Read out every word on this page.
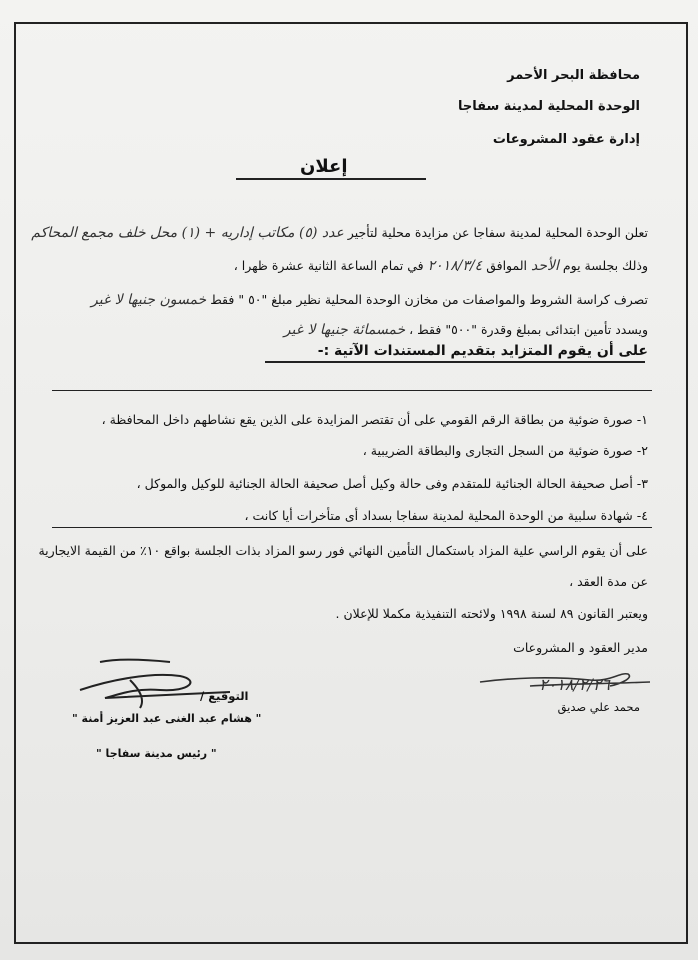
محافظة البحر الأحمر
الوحدة المحلية لمدينة سفاجا
إدارة عقود المشروعات
إعلان
تعلن الوحدة المحلية لمدينة سفاجا عن مزايدة محلية لتأجير عدد (٥) مكاتب إداريه + (١) محل خلف مجمع المحاكم
وذلك بجلسة يوم الأحد الموافق ٢٠١٨/٣/٤ في تمام الساعة الثانية عشرة ظهرا ،
تصرف كراسة الشروط والمواصفات من مخازن الوحدة المحلية نظير مبلغ "٥٠ " فقط خمسون جنيها لا غير
ويسدد تأمين ابتدائى بمبلغ وقدرة "٥٠٠" فقط ، خمسمائة جنيها لا غير
على أن يقوم المتزايد بتقديم المستندات الآتية :-
١- صورة ضوئية من بطاقة الرقم القومي على أن تقتصر المزايدة على الذين يقع نشاطهم داخل المحافظة ،
٢- صورة ضوئية من السجل التجارى والبطاقة الضريبية ،
٣- أصل صحيفة الحالة الجنائية للمتقدم وفى حالة وكيل أصل صحيفة الحالة الجنائية للوكيل والموكل ،
٤- شهادة سلبية من الوحدة المحلية لمدينة سفاجا بسداد أى متأخرات أيا كانت ،
على أن يقوم الراسي علية المزاد باستكمال التأمين النهائي فور رسو المزاد بذات الجلسة بواقع ١٠٪ من القيمة الايجارية
عن مدة العقد ،
ويعتبر القانون ٨٩ لسنة ١٩٩٨ ولائحته التنفيذية مكملا للإعلان .
مدير العقود و المشروعات
٢٠١٨/٢/٢٦
محمد علي صديق
التوقيع /
" هشام عبد الغنى عبد العزيز أمنة "
" رئيس مدينة سفاجا "
